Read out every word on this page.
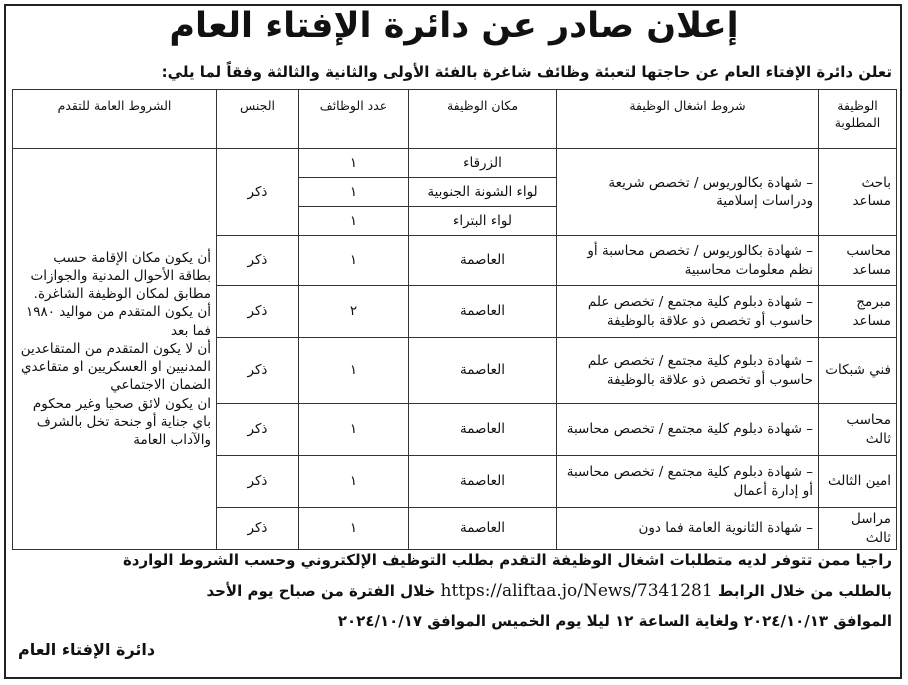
إعلان صادر عن دائرة الإفتاء العام
تعلن دائرة الإفتاء العام عن حاجتها لتعبئة وظائف شاغرة بالفئة الأولى والثانية والثالثة وفقاً لما يلي:
الوظيفة المطلوبة	شروط اشغال الوظيفة	مكان الوظيفة	عدد الوظائف	الجنس	الشروط العامة للتقدم
باحث مساعد	– شهادة بكالوريوس / تخصص شريعة ودراسات إسلامية	الزرقاء	١	ذكر	أن يكون مكان الإقامة حسب بطاقة الأحوال المدنية والجوازات مطابق لمكان الوظيفة الشاغرة.
أن يكون المتقدم من مواليد ١٩٨٠ فما بعد
أن لا يكون المتقدم من المتقاعدين المدنيين او العسكريين او متقاعدي الضمان الاجتماعي
ان يكون لائق صحيا وغير محكوم باي جناية أو جنحة تخل بالشرف والآداب العامة

		لواء الشونة الجنوبية	١		
		لواء البتراء	١		
محاسب مساعد	– شهادة بكالوريوس / تخصص محاسبة أو نظم معلومات محاسبية	العاصمة	١	ذكر	
مبرمج مساعد	– شهادة دبلوم كلية مجتمع / تخصص علم حاسوب أو تخصص ذو علاقة بالوظيفة	العاصمة	٢	ذكر	
فني شبكات	– شهادة دبلوم كلية مجتمع / تخصص علم حاسوب أو تخصص ذو علاقة بالوظيفة	العاصمة	١	ذكر	
محاسب ثالث	– شهادة دبلوم كلية مجتمع / تخصص محاسبة	العاصمة	١	ذكر	
امين الثالث	– شهادة دبلوم كلية مجتمع / تخصص محاسبة أو إدارة أعمال	العاصمة	١	ذكر	
مراسل ثالث	– شهادة الثانوية العامة فما دون	العاصمة	١	ذكر	
راجيا ممن تتوفر لديه متطلبات اشغال الوظيفة التقدم بطلب التوظيف الإلكتروني وحسب الشروط الواردة
بالطلب من خلال الرابط https://aliftaa.jo/News/7341281 خلال الفترة من صباح يوم الأحد
الموافق ٢٠٢٤/١٠/١٣ ولغاية الساعة ١٢ ليلا يوم الخميس الموافق ٢٠٢٤/١٠/١٧
دائرة الإفتاء العام
